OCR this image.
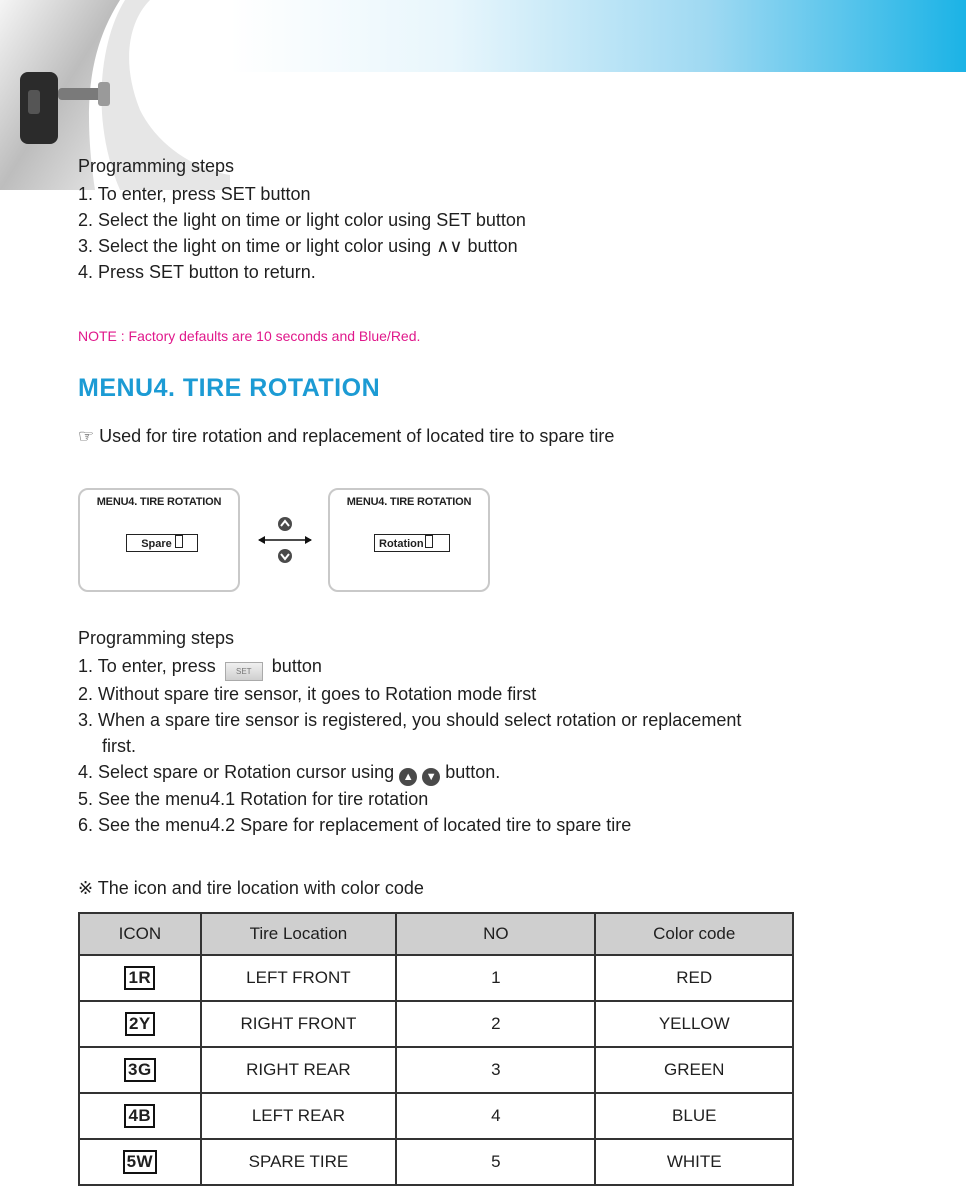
Programming steps
1. To enter, press SET button
2. Select the light on time or light color using SET button
3. Select the light on time or light color using ∧∨ button
4. Press SET button to return.
NOTE : Factory defaults are 10 seconds and Blue/Red.
MENU4. TIRE ROTATION
☞ Used for tire rotation and replacement of located tire to spare tire
MENU4. TIRE ROTATION
Spare
MENU4. TIRE ROTATION
Rotation
Programming steps
1. To enter, press	SET button
2. Without spare tire sensor, it goes to Rotation mode first
3. When a spare tire sensor is registered, you should select rotation or replacement
first.
4. Select spare or Rotation cursor using ▲ ▼ button.
5. See the menu4.1 Rotation for tire rotation
6. See the menu4.2 Spare for replacement of located tire to spare tire
※ The icon and tire location with color code
ICON	Tire Location	NO	Color code
1R	LEFT FRONT	1	RED
2Y	RIGHT FRONT	2	YELLOW
3G	RIGHT REAR	3	GREEN
4B	LEFT REAR	4	BLUE
5W	SPARE TIRE	5	WHITE
